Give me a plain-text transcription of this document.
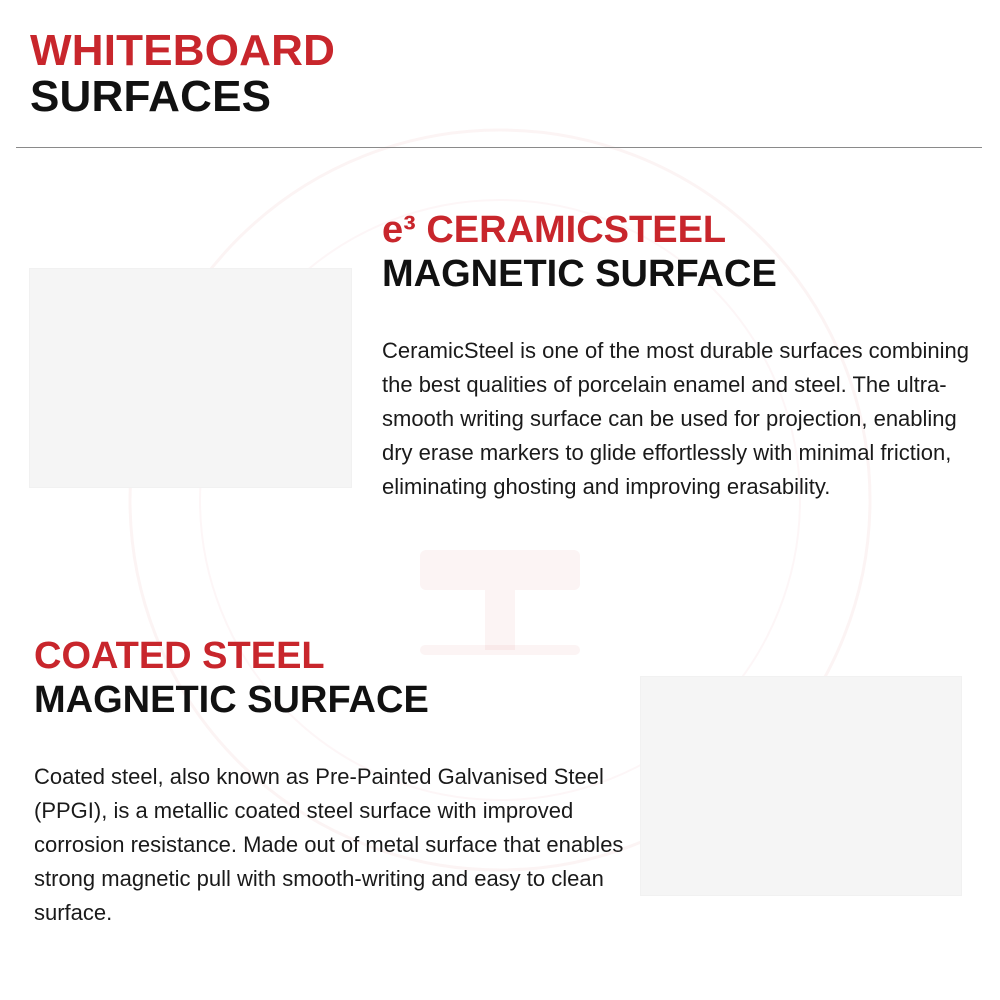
WHITEBOARD
SURFACES
e³ CERAMICSTEEL
MAGNETIC SURFACE

CeramicSteel is one of the most durable surfaces combining the best qualities of porcelain enamel and steel. The ultra-smooth writing surface can be used for projection, enabling dry erase markers to glide effortlessly with minimal friction, eliminating ghosting and improving erasability.

COATED STEEL
MAGNETIC SURFACE

Coated steel, also known as Pre-Painted Galvanised Steel (PPGI), is a metallic coated steel surface with improved corrosion resistance. Made out of metal surface that enables strong magnetic pull with smooth-writing and easy to clean surface.
